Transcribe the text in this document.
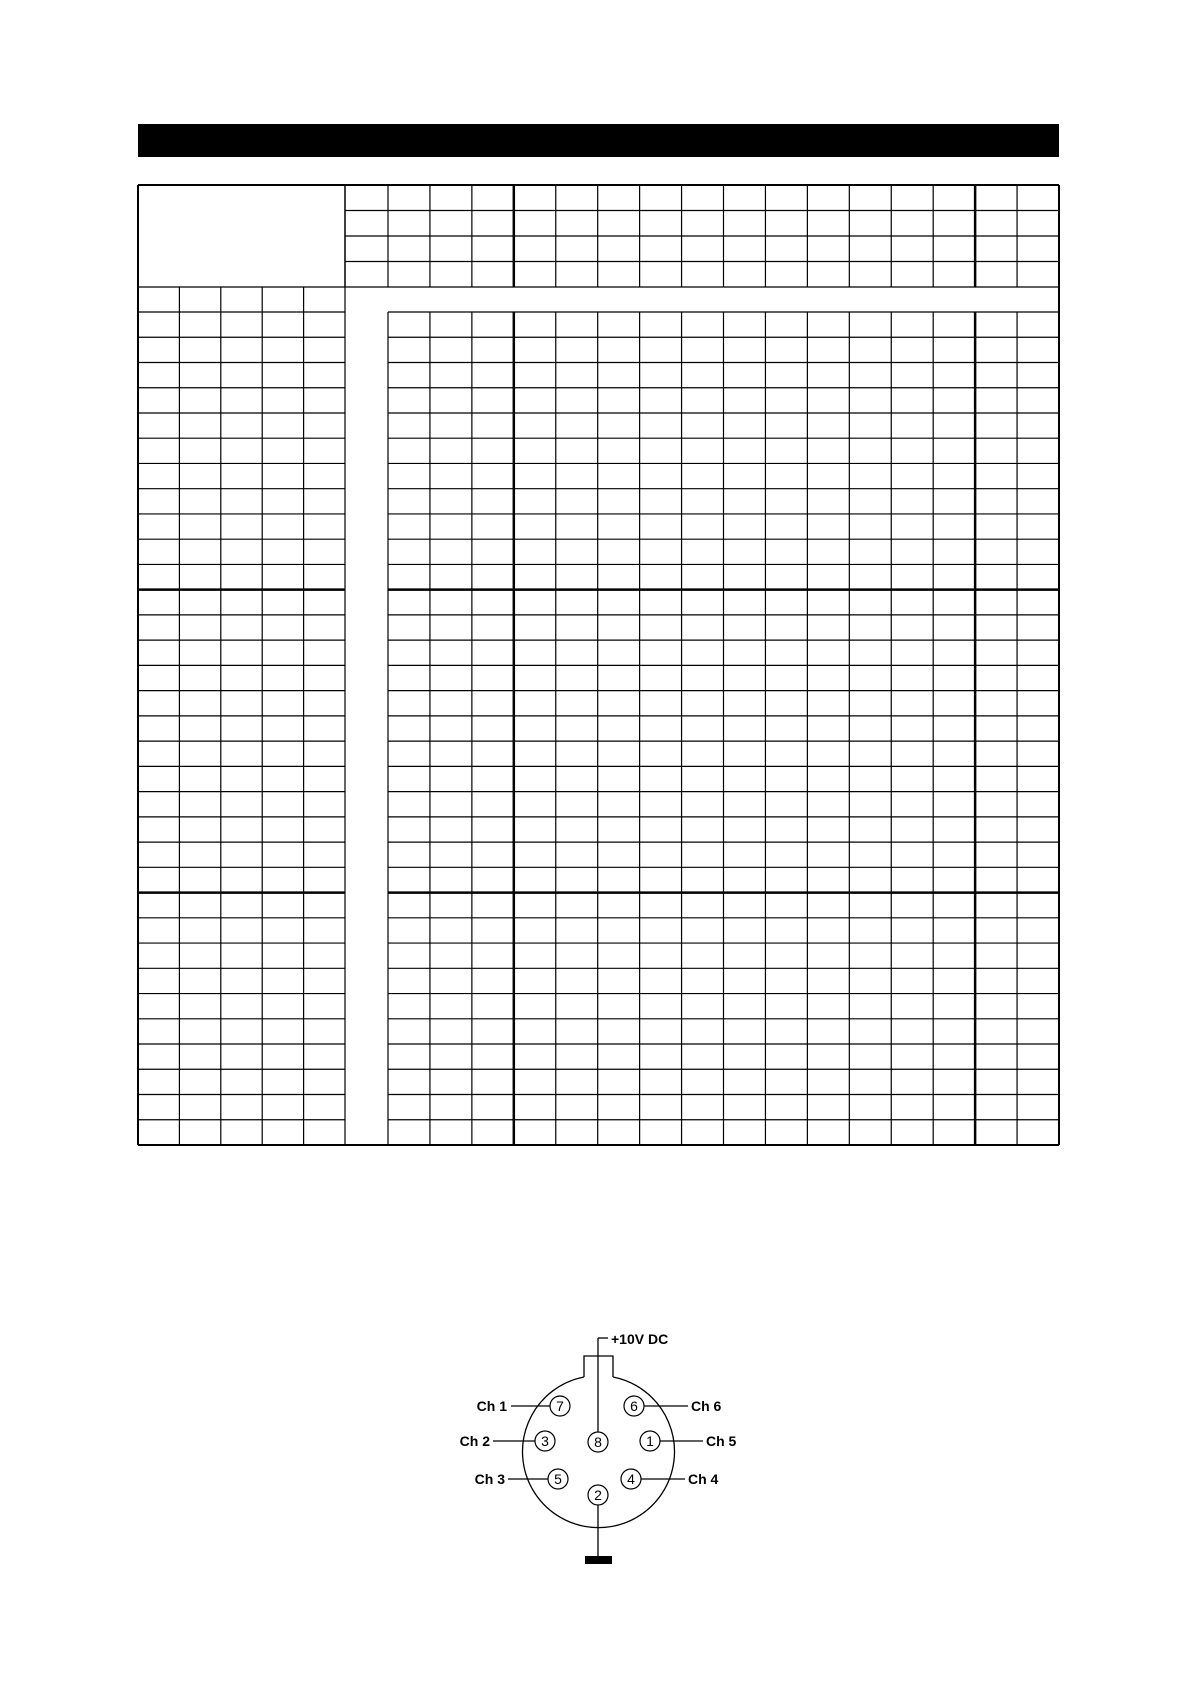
+10V DC
7
3
5
6
1
4
8
2
Ch 1
Ch 2
Ch 3
Ch 6
Ch 5
Ch 4
